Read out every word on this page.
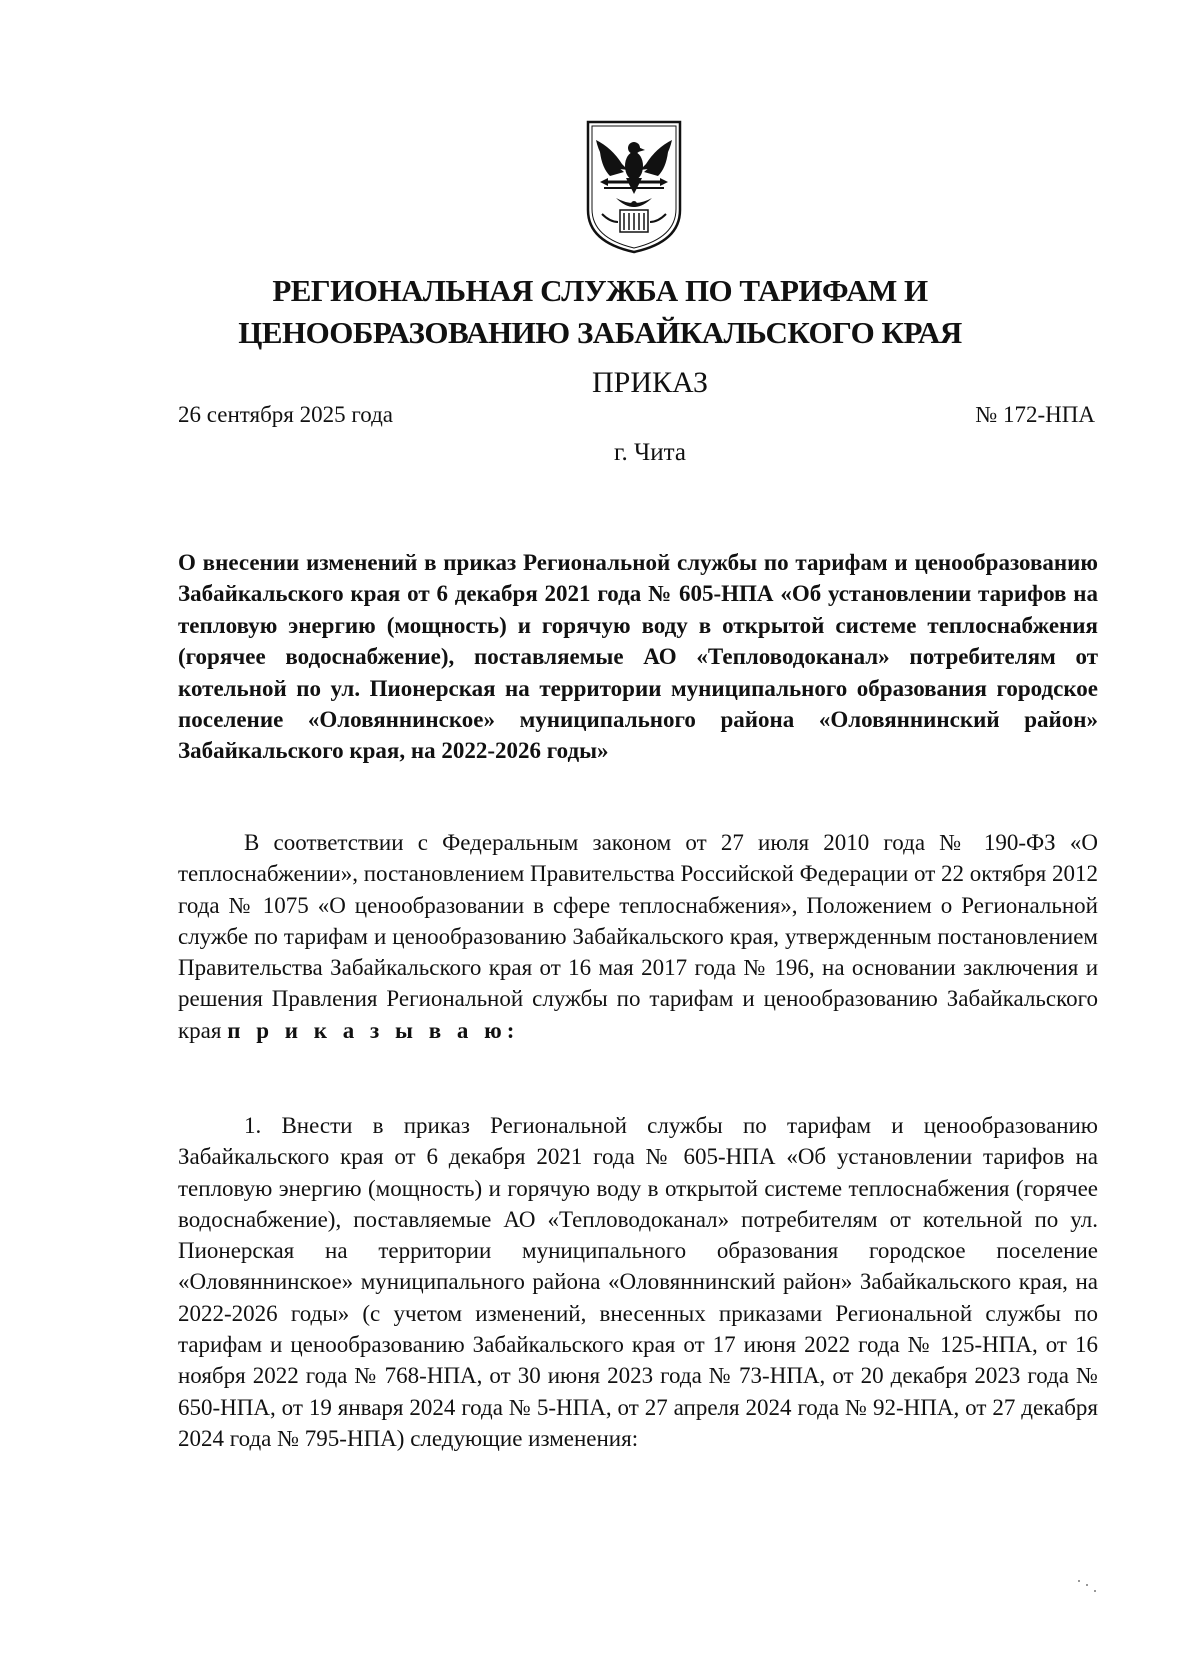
РЕГИОНАЛЬНАЯ СЛУЖБА ПО ТАРИФАМ И
ЦЕНООБРАЗОВАНИЮ ЗАБАЙКАЛЬСКОГО КРАЯ
ПРИКАЗ
26 сентября 2025 года	№ 172-НПА
г. Чита
О внесении изменений в приказ Региональной службы по тарифам и ценообразованию Забайкальского края от 6 декабря 2021 года № 605-НПА «Об установлении тарифов на тепловую энергию (мощность) и горячую воду в открытой системе теплоснабжения (горячее водоснабжение), поставляемые АО «Тепловодоканал» потребителям от котельной по ул. Пионерская на территории муниципального образования городское поселение «Оловяннинское» муниципального района «Оловяннинский район» Забайкальского края, на 2022-2026 годы»
В соответствии с Федеральным законом от 27 июля 2010 года № 190-ФЗ «О теплоснабжении», постановлением Правительства Российской Федерации от 22 октября 2012 года № 1075 «О ценообразовании в сфере теплоснабжения», Положением о Региональной службе по тарифам и ценообразованию Забайкальского края, утвержденным постановлением Правительства Забайкальского края от 16 мая 2017 года № 196, на основании заключения и решения Правления Региональной службы по тарифам и ценообразованию Забайкальского края п р и к а з ы в а ю:
1. Внести в приказ Региональной службы по тарифам и ценообразованию Забайкальского края от 6 декабря 2021 года № 605-НПА «Об установлении тарифов на тепловую энергию (мощность) и горячую воду в открытой системе теплоснабжения (горячее водоснабжение), поставляемые АО «Тепловодоканал» потребителям от котельной по ул. Пионерская на территории муниципального образования городское поселение «Оловяннинское» муниципального района «Оловяннинский район» Забайкальского края, на 2022-2026 годы» (с учетом изменений, внесенных приказами Региональной службы по тарифам и ценообразованию Забайкальского края от 17 июня 2022 года № 125-НПА, от 16 ноября 2022 года № 768-НПА, от 30 июня 2023 года № 73-НПА, от 20 декабря 2023 года № 650-НПА, от 19 января 2024 года № 5-НПА, от 27 апреля 2024 года № 92-НПА, от 27 декабря 2024 года № 795-НПА) следующие изменения:
